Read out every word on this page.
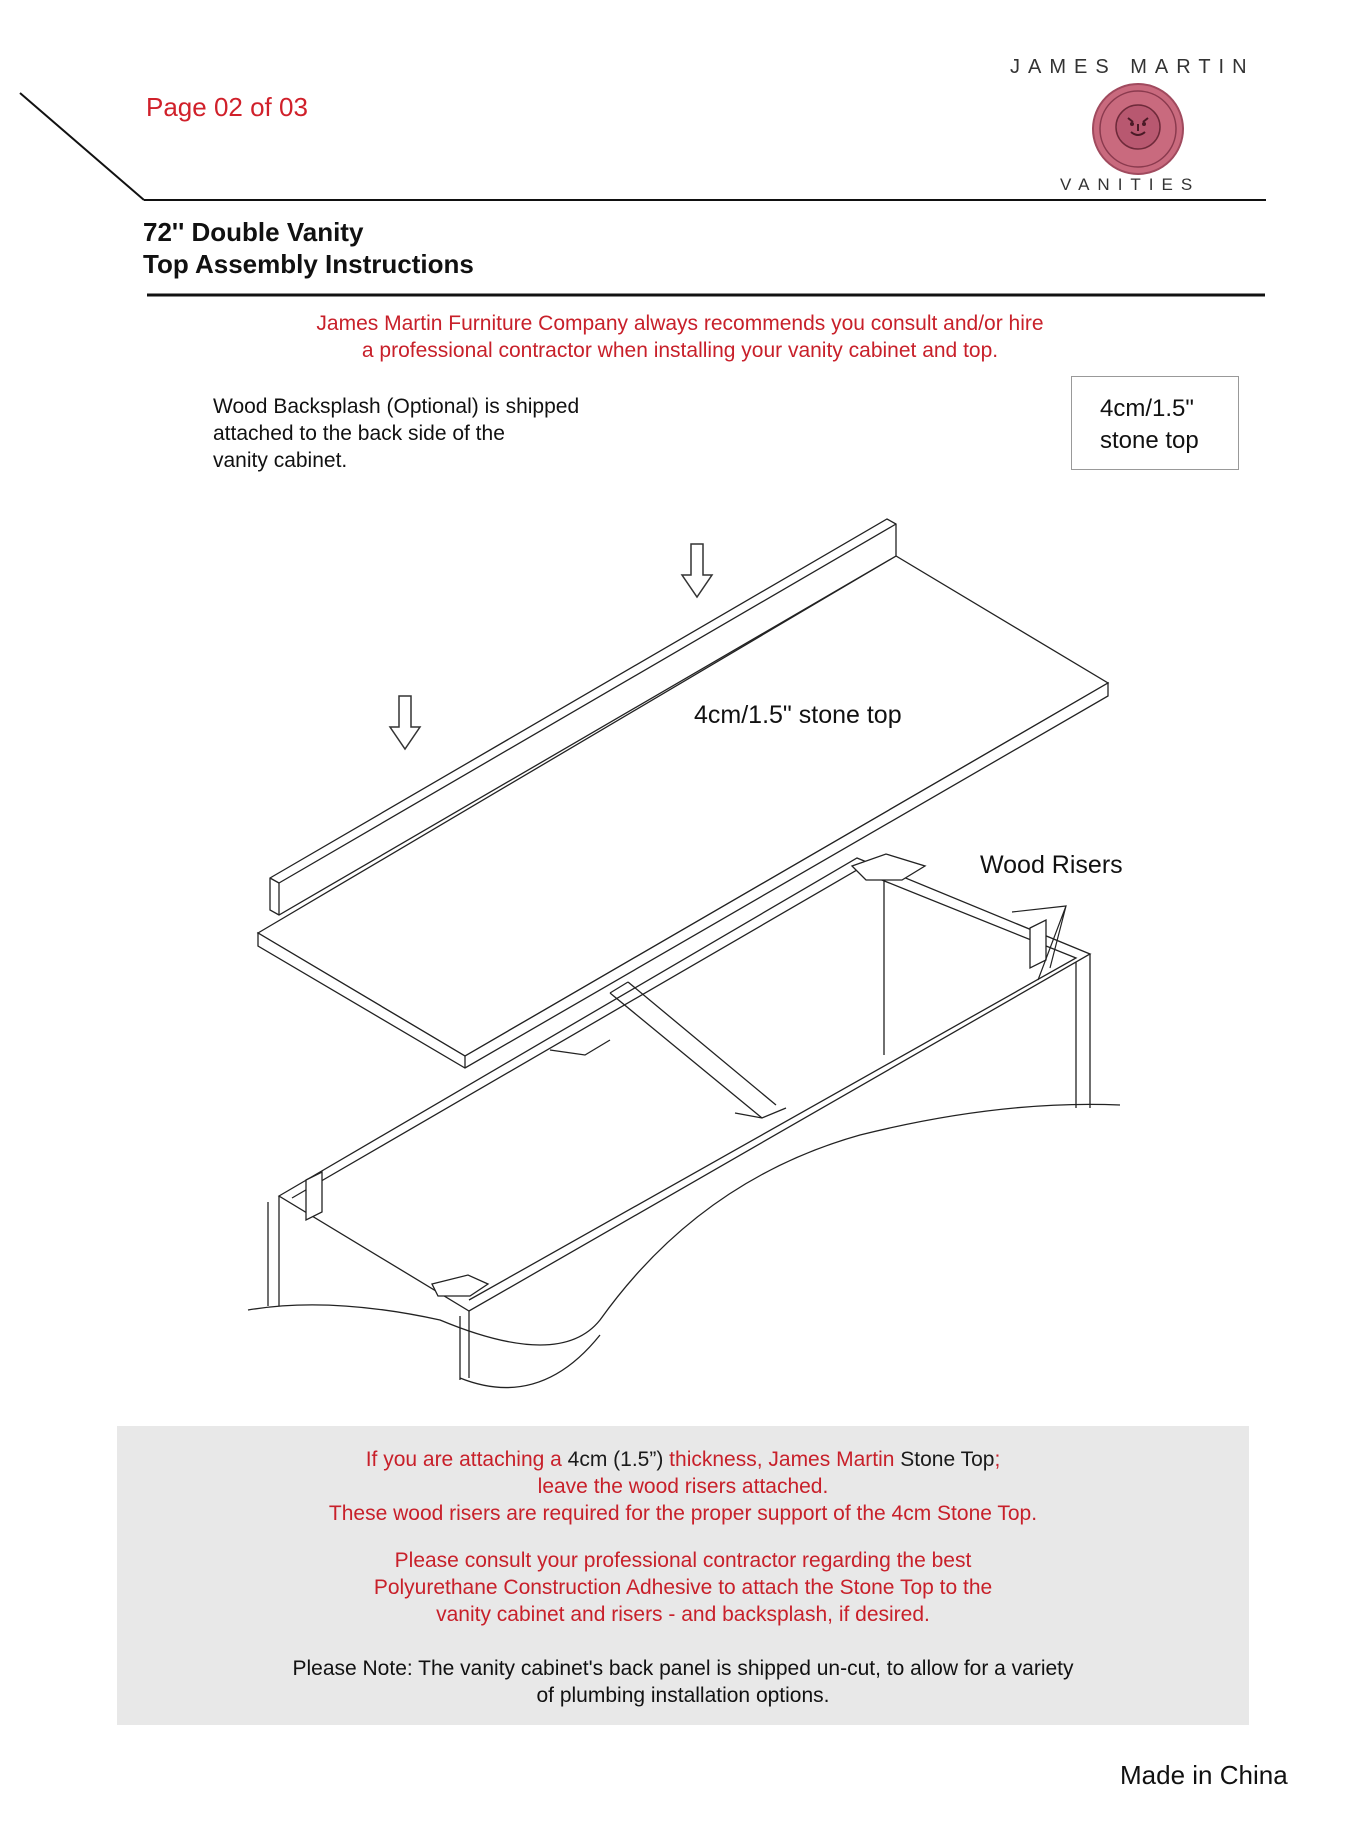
Page 02 of 03
JAMES MARTIN
VANITIES
72'' Double Vanity
Top Assembly Instructions
James Martin Furniture Company always recommends you consult and/or hire
a professional contractor when installing your vanity cabinet and top.
Wood Backsplash (Optional) is shipped
attached to the back side of the
vanity cabinet.
4cm/1.5"
stone top
4cm/1.5" stone top
Wood Risers
If you are attaching a 4cm (1.5”) thickness, James Martin Stone Top;
leave the wood risers attached.
These wood risers are required for the proper support of the 4cm Stone Top.
Please consult your professional contractor regarding the best
Polyurethane Construction Adhesive to attach the Stone Top to the
vanity cabinet and risers - and backsplash, if desired.
Please Note: The vanity cabinet's back panel is shipped un-cut, to allow for a variety
of plumbing installation options.
Made in China
